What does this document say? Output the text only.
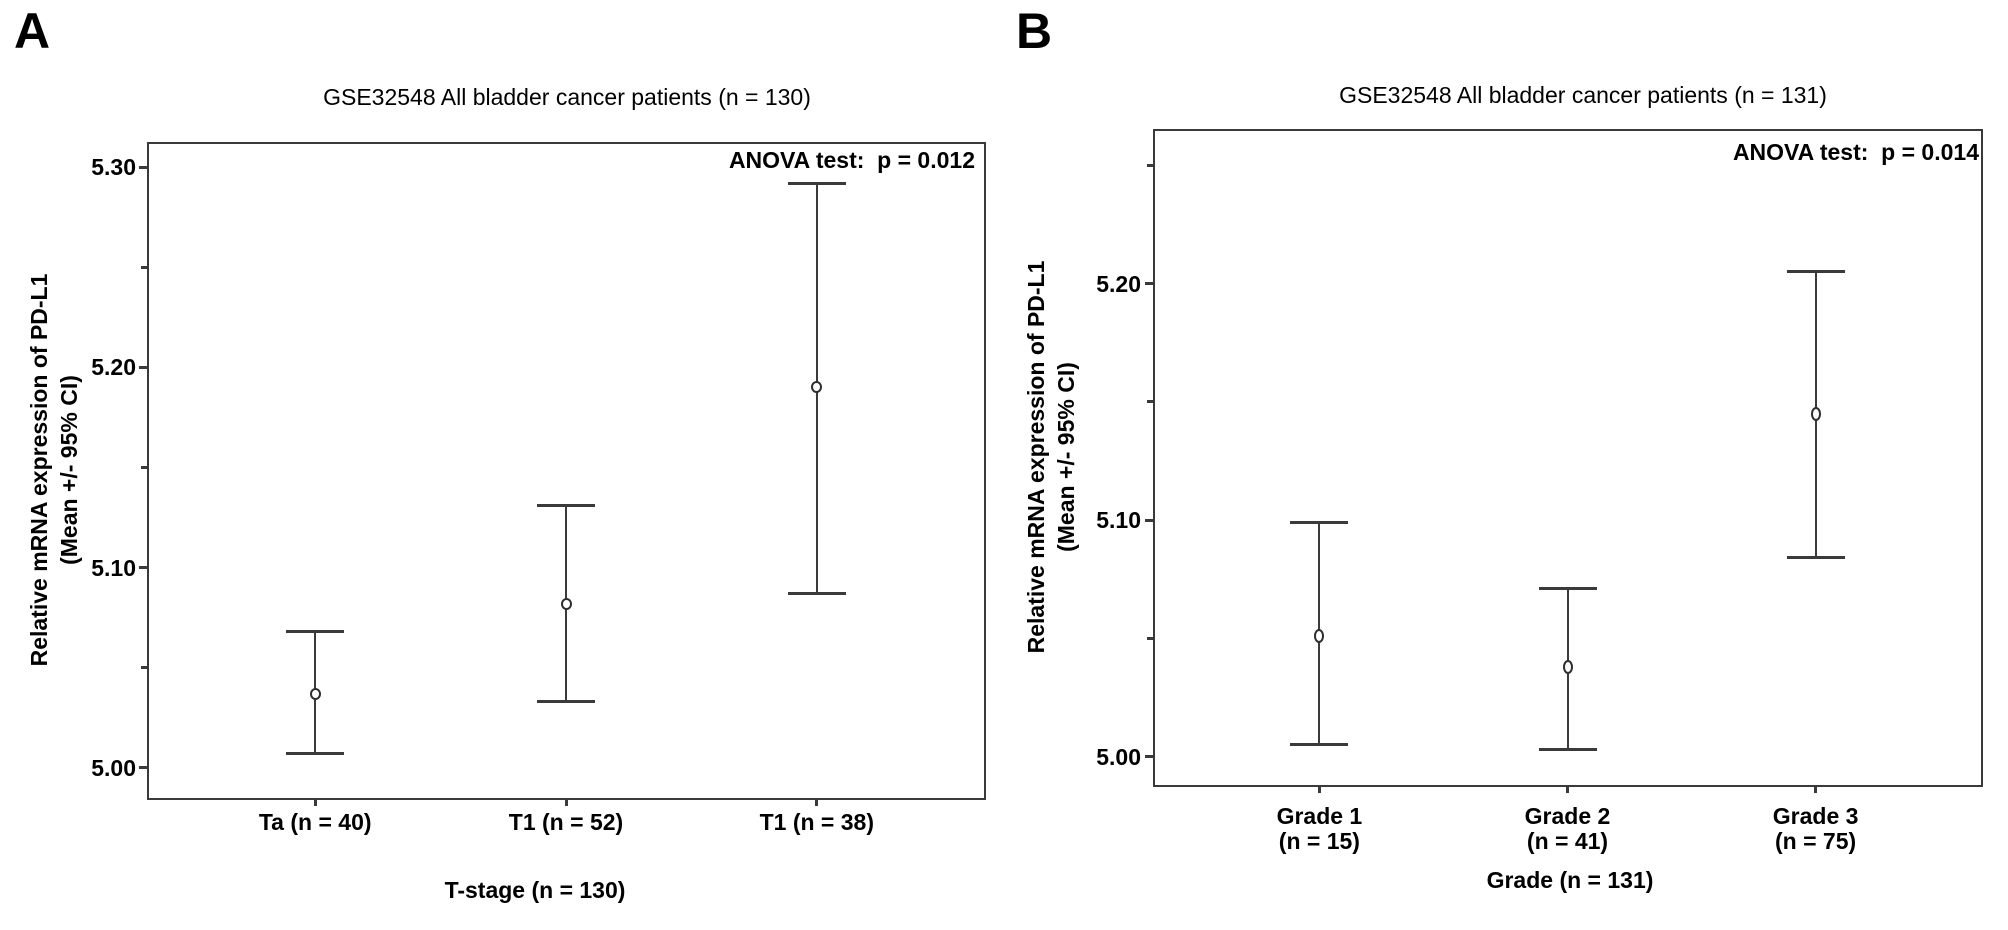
A
GSE32548 All bladder cancer patients (n = 130)
ANOVA test:  p = 0.012
Relative mRNA expression of PD-L1 (Mean +/- 95% CI)
T-stage (n = 130)
5.30
5.20
5.10
5.00
Ta (n = 40)	T1 (n = 52)	T1 (n = 38)
B
GSE32548 All bladder cancer patients (n = 131)
ANOVA test:  p = 0.014
Relative mRNA expression of PD-L1 (Mean +/- 95% CI)
Grade (n = 131)
5.20
5.10
5.00
Grade 1
(n = 15)
Grade 2
(n = 41)
Grade 3
(n = 75)
